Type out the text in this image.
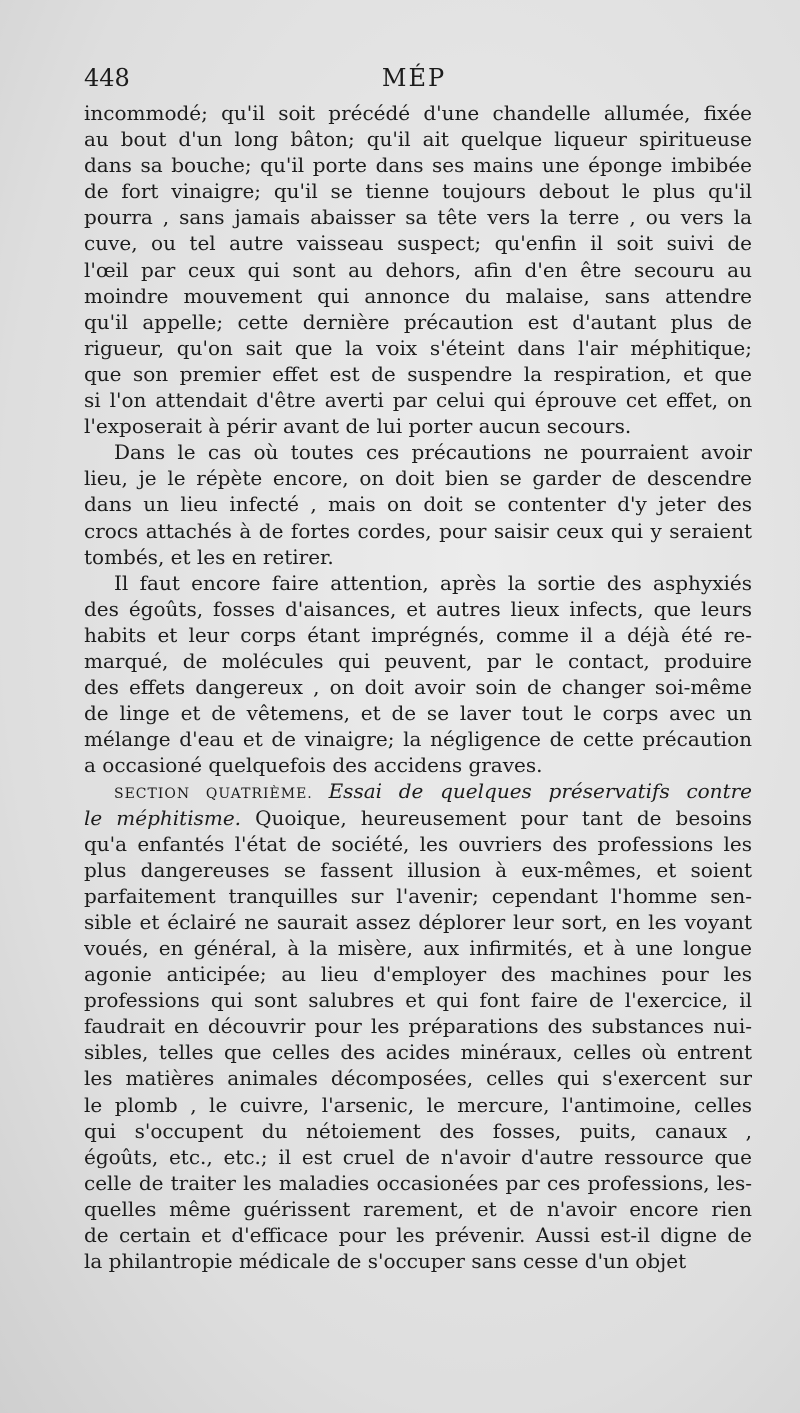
448	MÉP
incommodé; qu'il soit précédé d'une chandelle allumée, fixée
au bout d'un long bâton; qu'il ait quelque liqueur spiritueuse
dans sa bouche; qu'il porte dans ses mains une éponge imbibée
de fort vinaigre; qu'il se tienne toujours debout le plus qu'il
pourra , sans jamais abaisser sa tête vers la terre , ou vers la
cuve, ou tel autre vaisseau suspect; qu'enfin il soit suivi de
l'œil par ceux qui sont au dehors, afin d'en être secouru au
moindre mouvement qui annonce du malaise, sans attendre
qu'il appelle; cette dernière précaution est d'autant plus de
rigueur, qu'on sait que la voix s'éteint dans l'air méphitique;
que son premier effet est de suspendre la respiration, et que
si l'on attendait d'être averti par celui qui éprouve cet effet, on
l'exposerait à périr avant de lui porter aucun secours.
Dans le cas où toutes ces précautions ne pourraient avoir
lieu, je le répète encore, on doit bien se garder de descendre
dans un lieu infecté , mais on doit se contenter d'y jeter des
crocs attachés à de fortes cordes, pour saisir ceux qui y seraient
tombés, et les en retirer.
Il faut encore faire attention, après la sortie des asphyxiés
des égoûts, fosses d'aisances, et autres lieux infects, que leurs
habits et leur corps étant imprégnés, comme il a déjà été re-
marqué, de molécules qui peuvent, par le contact, produire
des effets dangereux , on doit avoir soin de changer soi-même
de linge et de vêtemens, et de se laver tout le corps avec un
mélange d'eau et de vinaigre; la négligence de cette précaution
a occasioné quelquefois des accidens graves.
SECTION QUATRIÈME. Essai de quelques préservatifs contre
le méphitisme. Quoique, heureusement pour tant de besoins
qu'a enfantés l'état de société, les ouvriers des professions les
plus dangereuses se fassent illusion à eux-mêmes, et soient
parfaitement tranquilles sur l'avenir; cependant l'homme sen-
sible et éclairé ne saurait assez déplorer leur sort, en les voyant
voués, en général, à la misère, aux infirmités, et à une longue
agonie anticipée; au lieu d'employer des machines pour les
professions qui sont salubres et qui font faire de l'exercice, il
faudrait en découvrir pour les préparations des substances nui-
sibles, telles que celles des acides minéraux, celles où entrent
les matières animales décomposées, celles qui s'exercent sur
le plomb , le cuivre, l'arsenic, le mercure, l'antimoine, celles
qui s'occupent du nétoiement des fosses, puits, canaux ,
égoûts, etc., etc.; il est cruel de n'avoir d'autre ressource que
celle de traiter les maladies occasionées par ces professions, les-
quelles même guérissent rarement, et de n'avoir encore rien
de certain et d'efficace pour les prévenir. Aussi est-il digne de
la philantropie médicale de s'occuper sans cesse d'un objet
